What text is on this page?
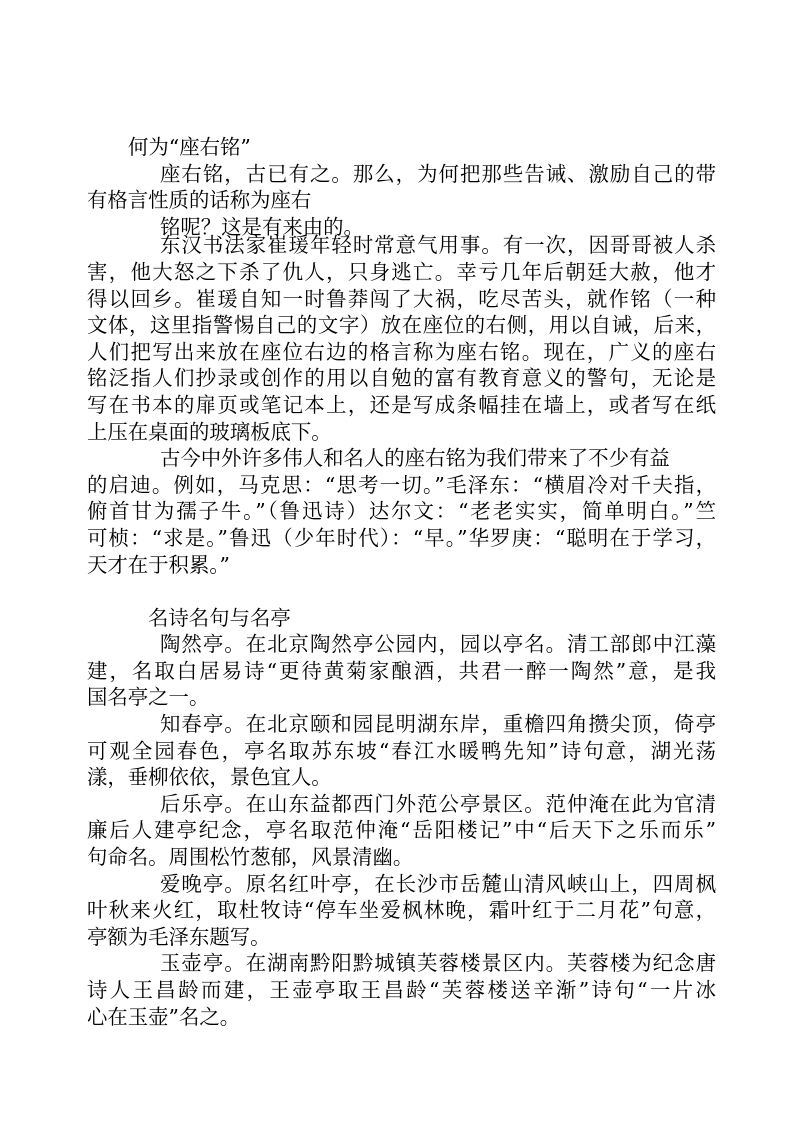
何为“座右铭”
座右铭，古已有之。那么，为何把那些告诫、激励自己的带
有格言性质的话称为座右
铭呢？这是有来由的。
东汉书法家崔瑗年轻时常意气用事。有一次，因哥哥被人杀
害，他大怒之下杀了仇人，只身逃亡。幸亏几年后朝廷大赦，他才
得以回乡。崔瑗自知一时鲁莽闯了大祸，吃尽苦头，就作铭（一种
文体，这里指警惕自己的文字）放在座位的右侧，用以自诫，后来，
人们把写出来放在座位右边的格言称为座右铭。现在，广义的座右
铭泛指人们抄录或创作的用以自勉的富有教育意义的警句，无论是
写在书本的扉页或笔记本上，还是写成条幅挂在墙上，或者写在纸
上压在桌面的玻璃板底下。
古今中外许多伟人和名人的座右铭为我们带来了不少有益
的启迪。例如，马克思：“思考一切。”毛泽东：“横眉冷对千夫指，
俯首甘为孺子牛。”（鲁迅诗）达尔文：“老老实实，简单明白。”竺
可桢：“求是。”鲁迅（少年时代）：“早。”华罗庚：“聪明在于学习，
天才在于积累。”
名诗名句与名亭
陶然亭。在北京陶然亭公园内，园以亭名。清工部郎中江藻
建，名取白居易诗“更待黄菊家酿酒，共君一醉一陶然”意，是我
国名亭之一。
知春亭。在北京颐和园昆明湖东岸，重檐四角攒尖顶，倚亭
可观全园春色，亭名取苏东坡“春江水暖鸭先知”诗句意，湖光荡
漾，垂柳依依，景色宜人。
后乐亭。在山东益都西门外范公亭景区。范仲淹在此为官清
廉后人建亭纪念，亭名取范仲淹“岳阳楼记”中“后天下之乐而乐”
句命名。周围松竹葱郁，风景清幽。
爱晚亭。原名红叶亭，在长沙市岳麓山清风峡山上，四周枫
叶秋来火红，取杜牧诗“停车坐爱枫林晚，霜叶红于二月花”句意，
亭额为毛泽东题写。
玉壶亭。在湖南黔阳黔城镇芙蓉楼景区内。芙蓉楼为纪念唐
诗人王昌龄而建，王壶亭取王昌龄“芙蓉楼送辛渐”诗句“一片冰
心在玉壶”名之。
